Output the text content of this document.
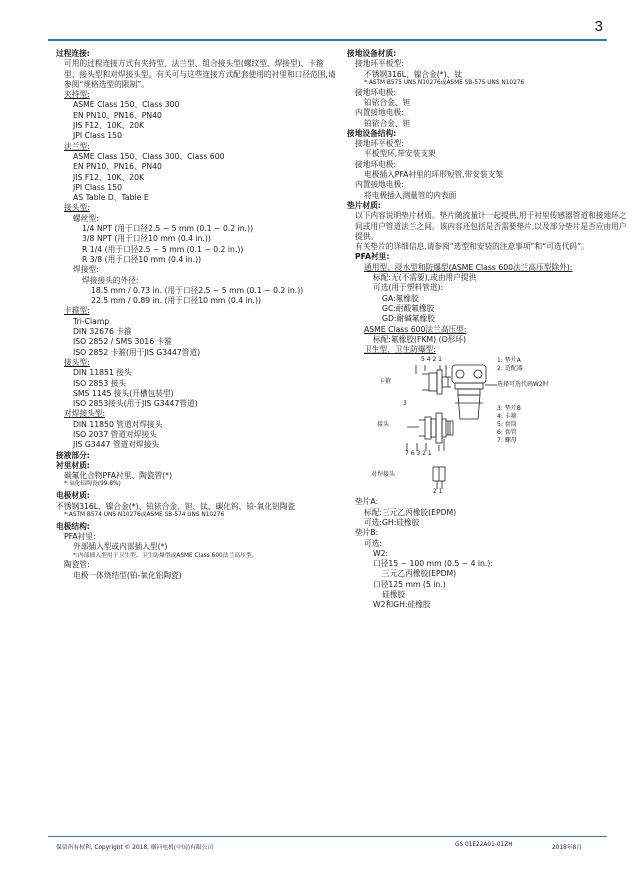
3
过程连接:
可用的过程连接方式有夹持型、法兰型、组合接头型(螺纹型、焊接型)、卡箍型、接头型和对焊接头型。有关可与这些连接方式配套使用的衬里和口径范围,请参阅“规格选型的限制”。
夹持型:
ASME Class 150、Class 300
EN PN10、PN16、PN40
JIS F12、10K、20K
JPI Class 150
法兰型:
ASME Class 150、Class 300、Class 600
EN PN10、PN16、PN40
JIS F12、10K、20K
JPI Class 150
AS Table D、Table E
接头型:
螺丝型:
1/4 NPT (用于口径2.5 ~ 5 mm (0.1 ~ 0.2 in.))
3/8 NPT (用于口径10 mm (0.4 in.))
R 1/4 (用于口径2.5 ~ 5 mm (0.1 ~ 0.2 in.))
R 3/8 (用于口径10 mm (0.4 in.))
焊接型:
焊接接头的外径:
18.5 mm / 0.73 in. (用于口径2.5 ~ 5 mm (0.1 ~ 0.2 in.))
22.5 mm / 0.89 in. (用于口径10 mm (0.4 in.))
卡箍型:
Tri-Clamp
DIN 32676 卡箍
ISO 2852 / SMS 3016 卡箍
ISO 2852 卡箍(用于JIS G3447管道)
接头型:
DIN 11851 接头
ISO 2853 接头
SMS 1145 接头(开槽包装型)
ISO 2853接头(用于JIS G3447管道)
对焊接头型:
DIN 11850 管道对焊接头
ISO 2037 管道对焊接头
JIS G3447 管道对焊接头
接液部分:
衬里材质:
碳氟化合物PFA衬里、陶瓷管(*)
*:氧化铝陶瓷(99.8%)
电极材质:
不锈钢316L、镍合金(*)、铂铱合金、钽、钛、碳化钨、铂-氧化铝陶瓷
*:ASTM B574 UNS N10276或ASME SB-574 UNS N10276
电极结构:
PFA衬里:
外部插入型或内部插入型(*)
*:内部插入型用于卫生型、卫生防爆型或ASME Class 600法兰高压型。
陶瓷管:
电极一体烧结型(铂-氧化铝陶瓷)
接地设备材质:
接地环平板型:
不锈钢316L、镍合金(*)、钛
*:ASTM B575 UNS N10276或ASME SB-575 UNS N10276
接地环电极:
铂铱合金、钽
内置接地电极:
铂铱合金、钽
接地设备结构:
接地环平板型:
平板型环,带安装支架
接地环电极:
电极插入PFA衬里的环形短管,带安装支架
内置接地电极:
将电极插入测量管的内表面
垫片材质:
以下内容说明垫片材质。垫片随流量计一起提供,用于衬里传感器管道和接地环之间或用户管道法兰之间。该内容还包括是否需要垫片,以及部分垫片是否应由用户提供。
有关垫片的详细信息,请参阅“选型和安装的注意事项”和“可选代码”。
PFA衬里:
通用型、浸水型和防爆型(ASME Class 600法兰高压型除外):
标配:无(不需要),或由用户提供
可选(用于塑料管道):
GA:氟橡胶
GC:耐酸氟橡胶
GD:耐碱氟橡胶
ASME Class 600法兰高压型:
标配:氟橡胶(FKM) (O形环)
卫生型、卫生防爆型:
5 4 2 1
卡箍
3
接头
7 6 3 2 1
对焊接头
2 1
选择可选代码W2时
1: 垫片A
2: 适配器
3: 垫片B
4: 卡箍
5: 套筒
6: 套管
7: 螺母
垫片A:
标配:三元乙丙橡胶(EPDM)
可选:GH:硅橡胶
垫片B:
可选:
W2:
口径15 ~ 100 mm (0.5 ~ 4 in.):
三元乙丙橡胶(EPDM)
口径125 mm (5 in.)
硅橡胶
W2和GH:硅橡胶
保留所有权利, Copyright © 2018, 横河电机(中国)有限公司	GS 01E22A01-01ZH	2018年8月
